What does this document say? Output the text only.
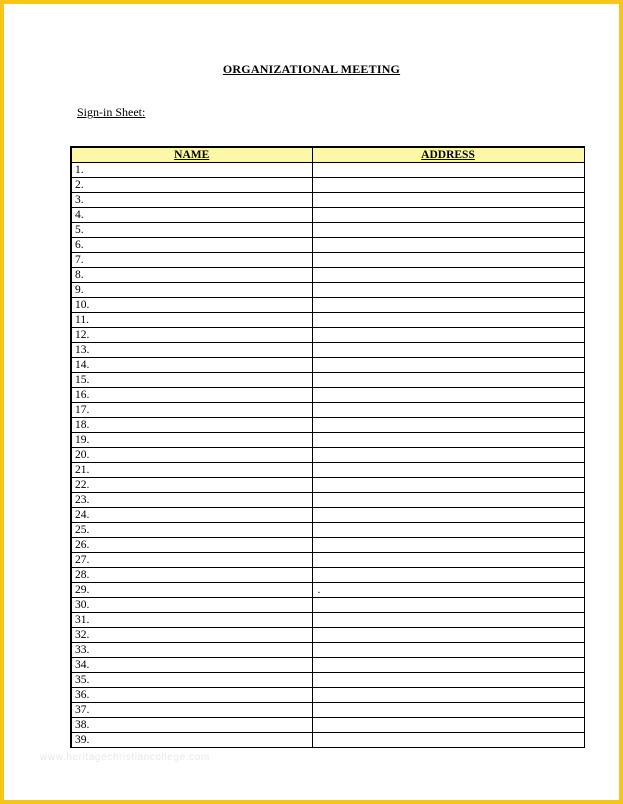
ORGANIZATIONAL MEETING
Sign-in Sheet:
NAME	ADDRESS
1.	
2.	
3.	
4.	
5.	
6.	
7.	
8.	
9.	
10.	
11.	
12.	
13.	
14.	
15.	
16.	
17.	
18.	
19.	
20.	
21.	
22.	
23.	
24.	
25.	
26.	
27.	
28.	
29.	.
30.	
31.	
32.	
33.	
34.	
35.	
36.	
37.	
38.	
39.	
www.heritagechristiancollege.com
